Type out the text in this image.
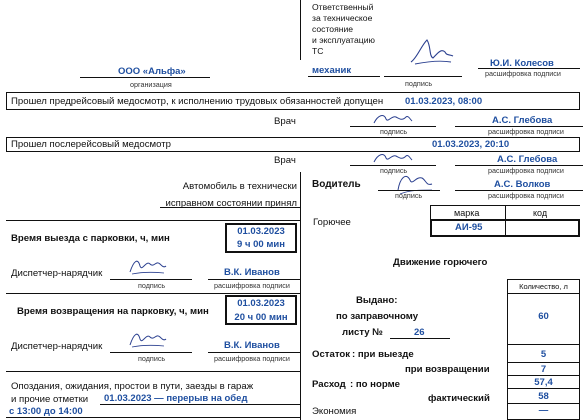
Ответственный
за техническое
состояние
и эксплуатацию
ТС
механик
подпись
Ю.И. Колесов
расшифровка подписи
ООО «Альфа»
организация
Прошел предрейсовый медосмотр, к исполнению трудовых обязанностей допущен 01.03.2023, 08:00
Врач
подпись
А.С. Глебова
расшифровка подписи
Прошел послерейсовый медосмотр	01.03.2023, 20:10
Врач
подпись
А.С. Глебова
расшифровка подписи
Автомобиль в технически
исправном состоянии принял
Водитель
подпись
А.С. Волков
расшифровка подписи
Горючее
марка	код
АИ-95
Время выезда с парковки, ч, мин
01.03.2023
9 ч 00 мин
Диспетчер-нарядчик
подпись
В.К. Иванов
расшифровка подписи
Время возвращения на парковку, ч, мин
01.03.2023
20 ч 00 мин
Диспетчер-нарядчик
подпись
В.К. Иванов
расшифровка подписи
Опоздания, ожидания, простои в пути, заезды в гараж
и прочие отметки 01.03.2023 — перерыв на обед
с 13:00 до 14:00
Движение горючего
Количество, л
Выдано:
по заправочному
листу №	26
60
Остаток : при выезде	5
при возвращении	7
Расход : по норме	57,4
фактический	58
Экономия	—
